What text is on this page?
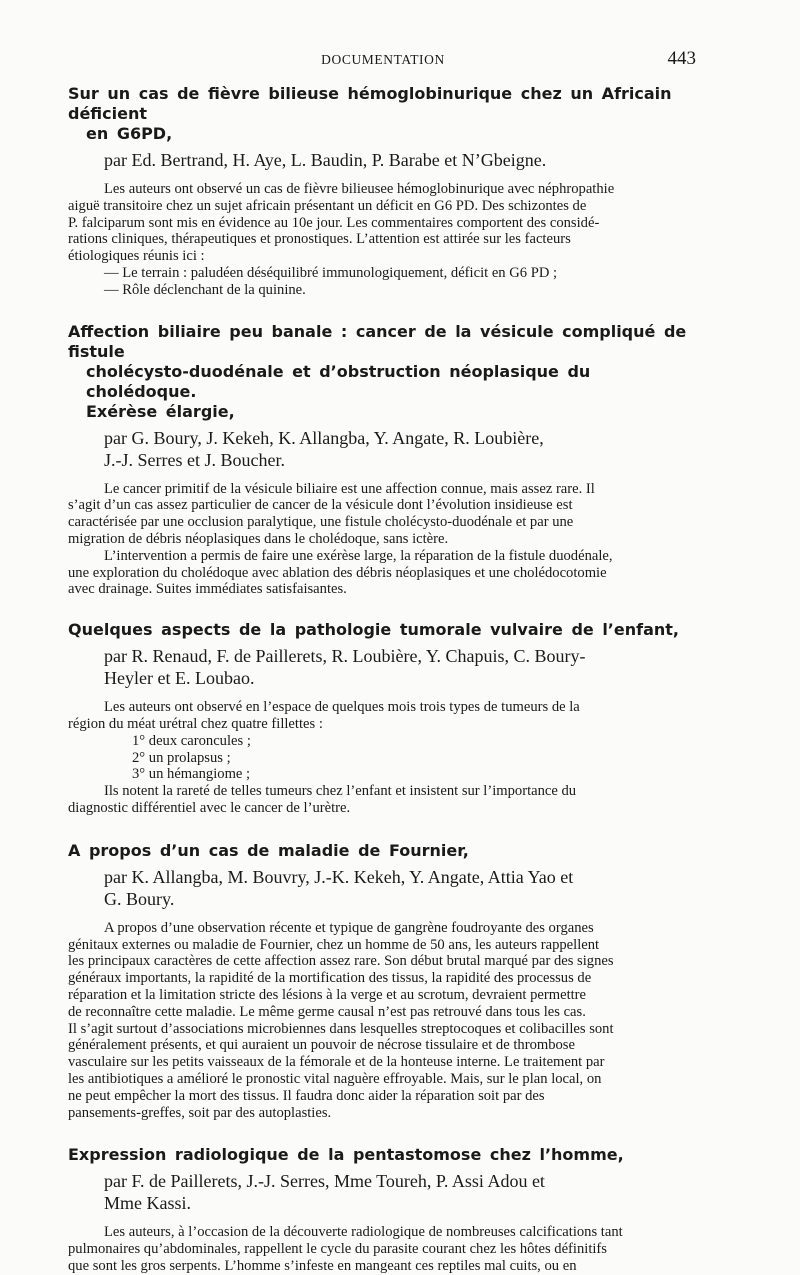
DOCUMENTATION	443
Sur un cas de fièvre bilieuse hémoglobinurique chez un Africain déficient
en G6PD,
par Ed. Bertrand, H. Aye, L. Baudin, P. Barabe et N’Gbeigne.

Les auteurs ont observé un cas de fièvre bilieusee hémoglobinurique avec néphropathie

aiguë transitoire chez un sujet africain présentant un déficit en G6 PD. Des schizontes de

P. falciparum sont mis en évidence au 10e jour. Les commentaires comportent des considé-

rations cliniques, thérapeutiques et pronostiques. L’attention est attirée sur les facteurs

étiologiques réunis ici :

— Le terrain : paludéen déséquilibré immunologiquement, déficit en G6 PD ;

— Rôle déclenchant de la quinine.

Affection biliaire peu banale : cancer de la vésicule compliqué de fistule
cholécysto-duodénale et d’obstruction néoplasique du cholédoque.
Exérèse élargie,
par G. Boury, J. Kekeh, K. Allangba, Y. Angate, R. Loubière,
J.-J. Serres et J. Boucher.

Le cancer primitif de la vésicule biliaire est une affection connue, mais assez rare. Il

s’agit d’un cas assez particulier de cancer de la vésicule dont l’évolution insidieuse est

caractérisée par une occlusion paralytique, une fistule cholécysto-duodénale et par une

migration de débris néoplasiques dans le cholédoque, sans ictère.

L’intervention a permis de faire une exérèse large, la réparation de la fistule duodénale,

une exploration du cholédoque avec ablation des débris néoplasiques et une cholédocotomie

avec drainage. Suites immédiates satisfaisantes.

Quelques aspects de la pathologie tumorale vulvaire de l’enfant,
par R. Renaud, F. de Paillerets, R. Loubière, Y. Chapuis, C. Boury-
Heyler et E. Loubao.

Les auteurs ont observé en l’espace de quelques mois trois types de tumeurs de la

région du méat urétral chez quatre fillettes :

1° deux caroncules ;

2° un prolapsus ;

3° un hémangiome ;

Ils notent la rareté de telles tumeurs chez l’enfant et insistent sur l’importance du

diagnostic différentiel avec le cancer de l’urètre.

A propos d’un cas de maladie de Fournier,
par K. Allangba, M. Bouvry, J.-K. Kekeh, Y. Angate, Attia Yao et
G. Boury.

A propos d’une observation récente et typique de gangrène foudroyante des organes

génitaux externes ou maladie de Fournier, chez un homme de 50 ans, les auteurs rappellent

les principaux caractères de cette affection assez rare. Son début brutal marqué par des signes

généraux importants, la rapidité de la mortification des tissus, la rapidité des processus de

réparation et la limitation stricte des lésions à la verge et au scrotum, devraient permettre

de reconnaître cette maladie. Le même germe causal n’est pas retrouvé dans tous les cas.

Il s’agit surtout d’associations microbiennes dans lesquelles streptocoques et colibacilles sont

généralement présents, et qui auraient un pouvoir de nécrose tissulaire et de thrombose

vasculaire sur les petits vaisseaux de la fémorale et de la honteuse interne. Le traitement par

les antibiotiques a amélioré le pronostic vital naguère effroyable. Mais, sur le plan local, on

ne peut empêcher la mort des tissus. Il faudra donc aider la réparation soit par des

pansements-greffes, soit par des autoplasties.

Expression radiologique de la pentastomose chez l’homme,
par F. de Paillerets, J.-J. Serres, Mme Toureh, P. Assi Adou et
Mme Kassi.

Les auteurs, à l’occasion de la découverte radiologique de nombreuses calcifications tant

pulmonaires qu’abdominales, rappellent le cycle du parasite courant chez les hôtes définitifs

que sont les gros serpents. L’homme s’infeste en mangeant ces reptiles mal cuits, ou en
